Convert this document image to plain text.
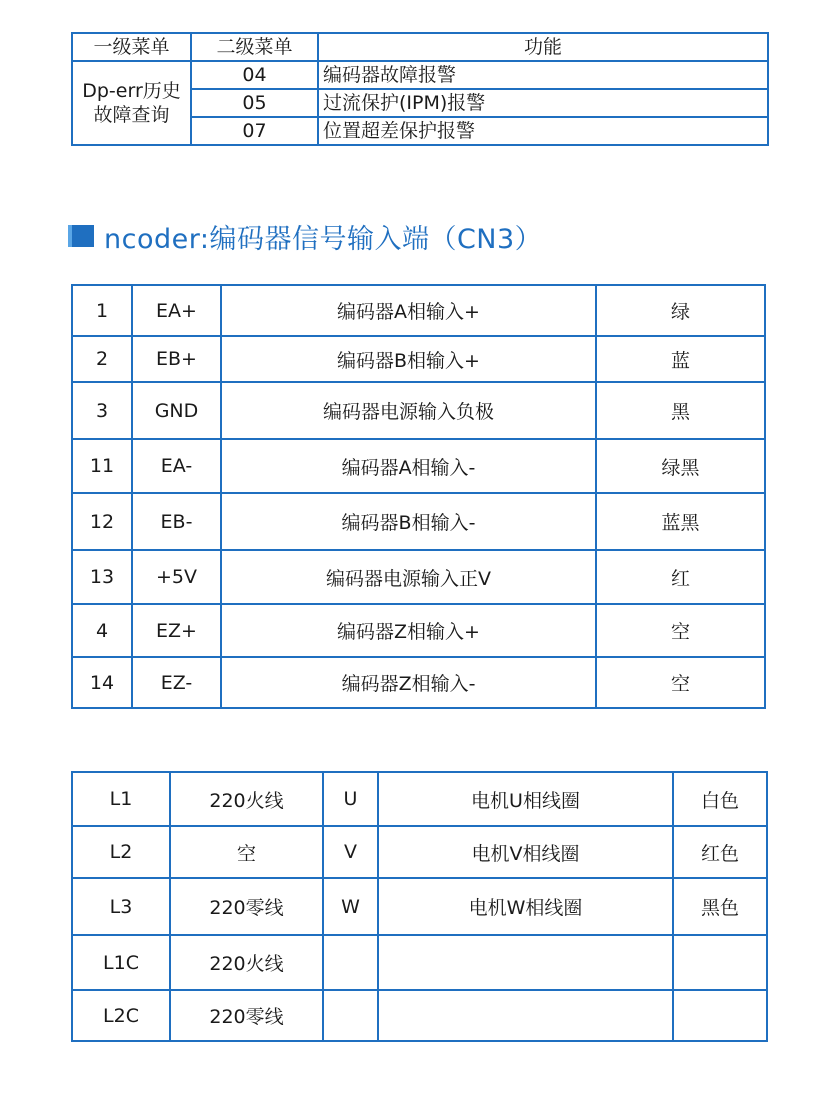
一级菜单	二级菜单	功能
Dp-err历史故障查询	04	编码器故障报警
	05	过流保护(IPM)报警
	07	位置超差保护报警
ncoder:编码器信号输入端（CN3）
1	EA+	编码器A相输入+	绿
2	EB+	编码器B相输入+	蓝
3	GND	编码器电源输入负极	黑
11	EA-	编码器A相输入-	绿黑
12	EB-	编码器B相输入-	蓝黑
13	+5V	编码器电源输入正V	红
4	EZ+	编码器Z相输入+	空
14	EZ-	编码器Z相输入-	空
L1	220火线	U	电机U相线圈	白色
L2	空	V	电机V相线圈	红色
L3	220零线	W	电机W相线圈	黑色
L1C	220火线			
L2C	220零线			
